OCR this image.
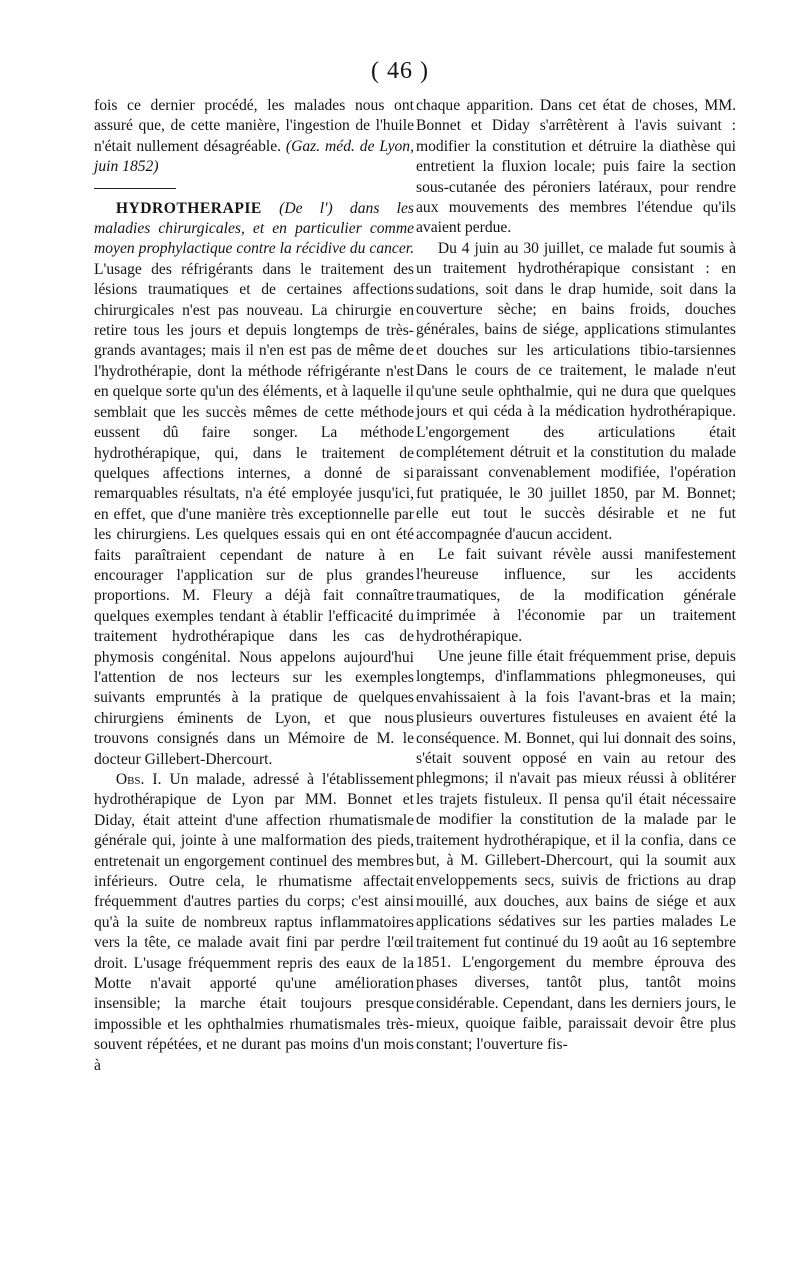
( 46 )

fois ce dernier procédé, les malades nous ont assuré que, de cette manière, l'ingestion de l'huile n'était nullement désagréable. (Gaz. méd. de Lyon, juin 1852)

HYDROTHERAPIE (De l') dans les maladies chirurgicales, et en particulier comme moyen prophylactique contre la récidive du cancer. L'usage des réfrigérants dans le traitement des lésions traumatiques et de certaines affections chirurgicales n'est pas nouveau. La chirurgie en retire tous les jours et depuis longtemps de très-grands avantages; mais il n'en est pas de même de l'hydrothérapie, dont la méthode réfrigérante n'est en quelque sorte qu'un des éléments, et à laquelle il semblait que les succès mêmes de cette méthode eussent dû faire songer. La méthode hydrothérapique, qui, dans le traitement de quelques affections internes, a donné de si remarquables résultats, n'a été employée jusqu'ici, en effet, que d'une manière très exceptionnelle par les chirurgiens. Les quelques essais qui en ont été faits paraîtraient cependant de nature à en encourager l'application sur de plus grandes proportions. M. Fleury a déjà fait connaître quelques exemples tendant à établir l'efficacité du traitement hydrothérapique dans les cas de phymosis congénital. Nous appelons aujourd'hui l'attention de nos lecteurs sur les exemples suivants empruntés à la pratique de quelques chirurgiens éminents de Lyon, et que nous trouvons consignés dans un Mémoire de M. le docteur Gillebert-Dhercourt.

Obs. I. Un malade, adressé à l'établissement hydrothérapique de Lyon par MM. Bonnet et Diday, était atteint d'une affection rhumatismale générale qui, jointe à une malformation des pieds, entretenait un engorgement continuel des membres inférieurs. Outre cela, le rhumatisme affectait fréquemment d'autres parties du corps; c'est ainsi qu'à la suite de nombreux raptus inflammatoires vers la tête, ce malade avait fini par perdre l'œil droit. L'usage fréquemment repris des eaux de la Motte n'avait apporté qu'une amélioration insensible; la marche était toujours presque impossible et les ophthalmies rhumatismales très-souvent répétées, et ne durant pas moins d'un mois à

chaque apparition. Dans cet état de choses, MM. Bonnet et Diday s'arrêtèrent à l'avis suivant : modifier la constitution et détruire la diathèse qui entretient la fluxion locale; puis faire la section sous-cutanée des péroniers latéraux, pour rendre aux mouvements des membres l'étendue qu'ils avaient perdue.

Du 4 juin au 30 juillet, ce malade fut soumis à un traitement hydrothérapique consistant : en sudations, soit dans le drap humide, soit dans la couverture sèche; en bains froids, douches générales, bains de siége, applications stimulantes et douches sur les articulations tibio-tarsiennes Dans le cours de ce traitement, le malade n'eut qu'une seule ophthalmie, qui ne dura que quelques jours et qui céda à la médication hydrothérapique. L'engorgement des articulations était complétement détruit et la constitution du malade paraissant convenablement modifiée, l'opération fut pratiquée, le 30 juillet 1850, par M. Bonnet; elle eut tout le succès désirable et ne fut accompagnée d'aucun accident.

Le fait suivant révèle aussi manifestement l'heureuse influence, sur les accidents traumatiques, de la modification générale imprimée à l'économie par un traitement hydrothérapique.

Une jeune fille était fréquemment prise, depuis longtemps, d'inflammations phlegmoneuses, qui envahissaient à la fois l'avant-bras et la main; plusieurs ouvertures fistuleuses en avaient été la conséquence. M. Bonnet, qui lui donnait des soins, s'était souvent opposé en vain au retour des phlegmons; il n'avait pas mieux réussi à oblitérer les trajets fistuleux. Il pensa qu'il était nécessaire de modifier la constitution de la malade par le traitement hydrothérapique, et il la confia, dans ce but, à M. Gillebert-Dhercourt, qui la soumit aux enveloppements secs, suivis de frictions au drap mouillé, aux douches, aux bains de siége et aux applications sédatives sur les parties malades Le traitement fut continué du 19 août au 16 septembre 1851. L'engorgement du membre éprouva des phases diverses, tantôt plus, tantôt moins considérable. Cependant, dans les derniers jours, le mieux, quoique faible, paraissait devoir être plus constant; l'ouverture fis-
